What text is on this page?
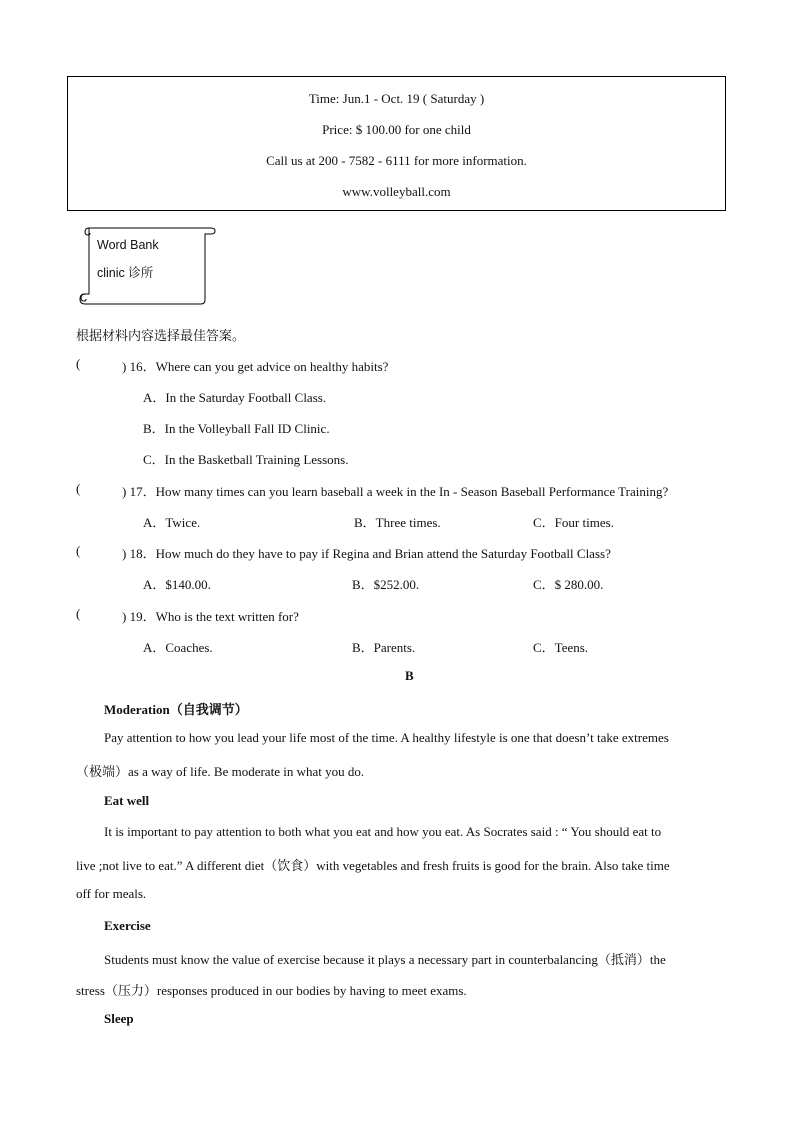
Time: Jun.1 - Oct. 19 ( Saturday )
Price: $ 100.00 for one child
Call us at 200 - 7582 - 6111 for more information.
www.volleyball.com
Word Bank
clinic 诊所
根据材料内容选择最佳答案。
(	) 16．Where can you get advice on healthy habits?
A．In the Saturday Football Class.
B．In the Volleyball Fall ID Clinic.
C．In the Basketball Training Lessons.
(	) 17．How many times can you learn baseball a week in the In - Season Baseball Performance Training?
A．Twice.	B．Three times.	C．Four times.
(	) 18．How much do they have to pay if Regina and Brian attend the Saturday Football Class?
A．$140.00.	B．$252.00.	C．$ 280.00.
(	) 19．Who is the text written for?
A．Coaches.	B．Parents.	C．Teens.
B
Moderation（自我调节）
Pay attention to how you lead your life most of the time. A healthy lifestyle is one that doesn’t take extremes
（极端）as a way of life. Be moderate in what you do.
Eat well
It is important to pay attention to both what you eat and how you eat. As Socrates said : “ You should eat to
live ;not live to eat.” A different diet（饮食）with vegetables and fresh fruits is good for the brain. Also take time
off for meals.
Exercise
Students must know the value of exercise because it plays a necessary part in counterbalancing（抵消）the
stress（压力）responses produced in our bodies by having to meet exams.
Sleep
